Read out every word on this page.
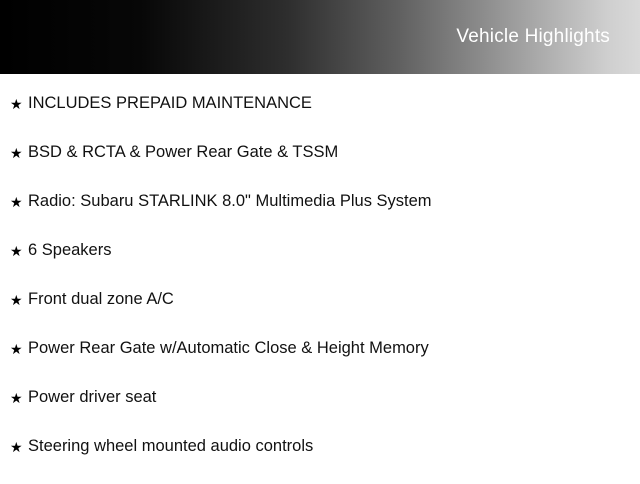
Vehicle Highlights
★ INCLUDES PREPAID MAINTENANCE
★ BSD & RCTA & Power Rear Gate & TSSM
★ Radio: Subaru STARLINK 8.0" Multimedia Plus System
★ 6 Speakers
★ Front dual zone A/C
★ Power Rear Gate w/Automatic Close & Height Memory
★ Power driver seat
★ Steering wheel mounted audio controls
